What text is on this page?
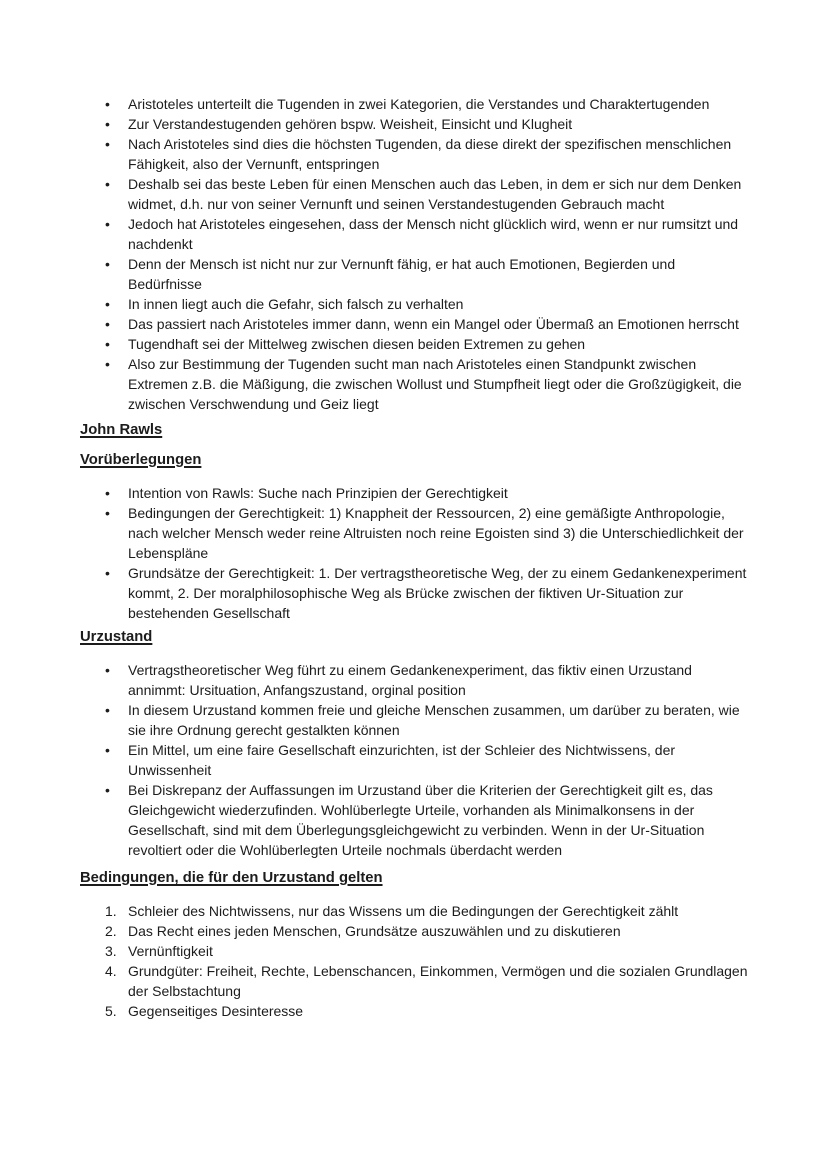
• Aristoteles unterteilt die Tugenden in zwei Kategorien, die Verstandes und Charaktertugenden
• Zur Verstandestugenden gehören bspw. Weisheit, Einsicht und Klugheit
• Nach Aristoteles sind dies die höchsten Tugenden, da diese direkt der spezifischen menschlichen Fähigkeit, also der Vernunft, entspringen
• Deshalb sei das beste Leben für einen Menschen auch das Leben, in dem er sich nur dem Denken widmet, d.h. nur von seiner Vernunft und seinen Verstandestugenden Gebrauch macht
• Jedoch hat Aristoteles eingesehen, dass der Mensch nicht glücklich wird, wenn er nur rumsitzt und nachdenkt
• Denn der Mensch ist nicht nur zur Vernunft fähig, er hat auch Emotionen, Begierden und Bedürfnisse
• In innen liegt auch die Gefahr, sich falsch zu verhalten
• Das passiert nach Aristoteles immer dann, wenn ein Mangel oder Übermaß an Emotionen herrscht
• Tugendhaft sei der Mittelweg zwischen diesen beiden Extremen zu gehen
• Also zur Bestimmung der Tugenden sucht man nach Aristoteles einen Standpunkt zwischen Extremen z.B. die Mäßigung, die zwischen Wollust und Stumpfheit liegt oder die Großzügigkeit, die zwischen Verschwendung und Geiz liegt
John Rawls
Vorüberlegungen
• Intention von Rawls: Suche nach Prinzipien der Gerechtigkeit
• Bedingungen der Gerechtigkeit: 1) Knappheit der Ressourcen, 2) eine gemäßigte Anthropologie, nach welcher Mensch weder reine Altruisten noch reine Egoisten sind 3) die Unterschiedlichkeit der Lebenspläne
• Grundsätze der Gerechtigkeit: 1. Der vertragstheoretische Weg, der zu einem Gedankenexperiment kommt, 2. Der moralphilosophische Weg als Brücke zwischen der fiktiven Ur-Situation zur bestehenden Gesellschaft
Urzustand
• Vertragstheoretischer Weg führt zu einem Gedankenexperiment, das fiktiv einen Urzustand annimmt: Ursituation, Anfangszustand, orginal position
• In diesem Urzustand kommen freie und gleiche Menschen zusammen, um darüber zu beraten, wie sie ihre Ordnung gerecht gestalkten können
• Ein Mittel, um eine faire Gesellschaft einzurichten, ist der Schleier des Nichtwissens, der Unwissenheit
• Bei Diskrepanz der Auffassungen im Urzustand über die Kriterien der Gerechtigkeit gilt es, das Gleichgewicht wiederzufinden. Wohlüberlegte Urteile, vorhanden als Minimalkonsens in der Gesellschaft, sind mit dem Überlegungsgleichgewicht zu verbinden. Wenn in der Ur-Situation revoltiert oder die Wohlüberlegten Urteile nochmals überdacht werden
Bedingungen, die für den Urzustand gelten
1. Schleier des Nichtwissens, nur das Wissens um die Bedingungen der Gerechtigkeit zählt
2. Das Recht eines jeden Menschen, Grundsätze auszuwählen und zu diskutieren
3. Vernünftigkeit
4. Grundgüter: Freiheit, Rechte, Lebenschancen, Einkommen, Vermögen und die sozialen Grundlagen der Selbstachtung
5. Gegenseitiges Desinteresse
